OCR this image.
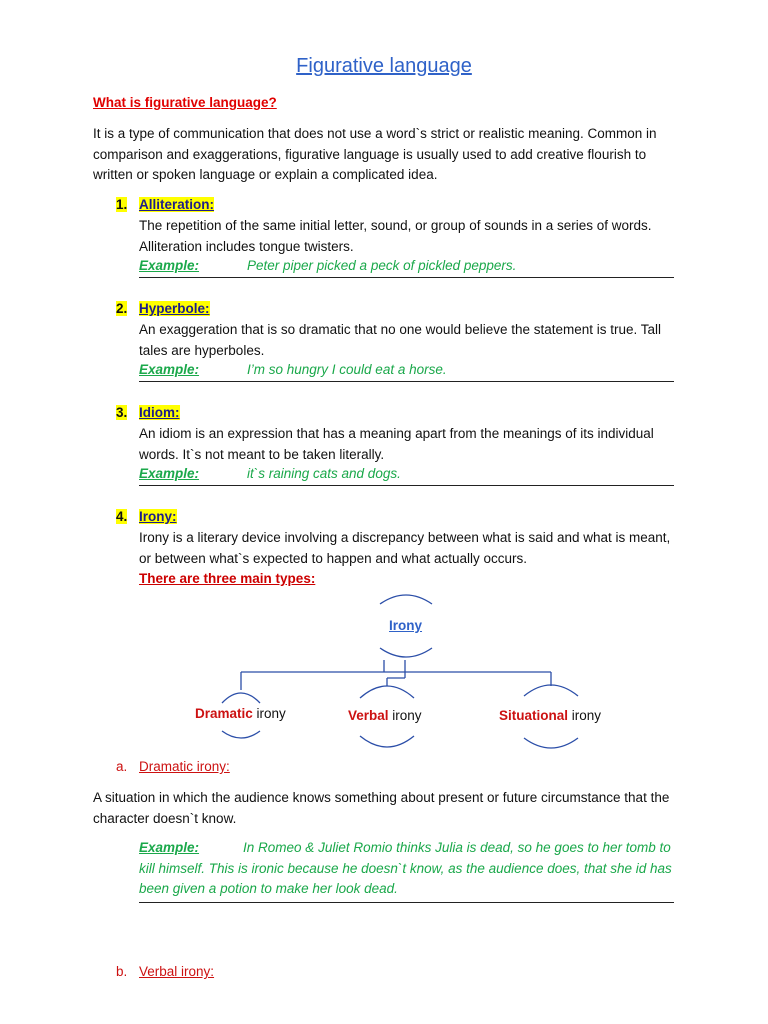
Figurative language
What is figurative language?
It is a type of communication that does not use a word`s strict or realistic meaning. Common in comparison and exaggerations, figurative language is usually used to add creative flourish to written or spoken language or explain a complicated idea.
1. Alliteration:
The repetition of the same initial letter, sound, or group of sounds in a series of words. Alliteration includes tongue twisters.
Example:	Peter piper picked a peck of pickled peppers.
2. Hyperbole:
An exaggeration that is so dramatic that no one would believe the statement is true. Tall tales are hyperboles.
Example:	I’m so hungry I could eat a horse.
3. Idiom:
An idiom is an expression that has a meaning apart from the meanings of its individual words. It`s not meant to be taken literally.
Example:	it`s raining cats and dogs.
4. Irony:
Irony is a literary device involving a discrepancy between what is said and what is meant, or between what`s expected to happen and what actually occurs.
There are three main types:
Irony
Dramatic irony	Verbal irony	Situational irony
a. Dramatic irony:
A situation in which the audience knows something about present or future circumstance that the character doesn`t know.
Example:	In Romeo & Juliet Romio thinks Julia is dead, so he goes to her tomb to kill himself. This is ironic because he doesn`t know, as the audience does, that she id has been given a potion to make her look dead.
b. Verbal irony:
